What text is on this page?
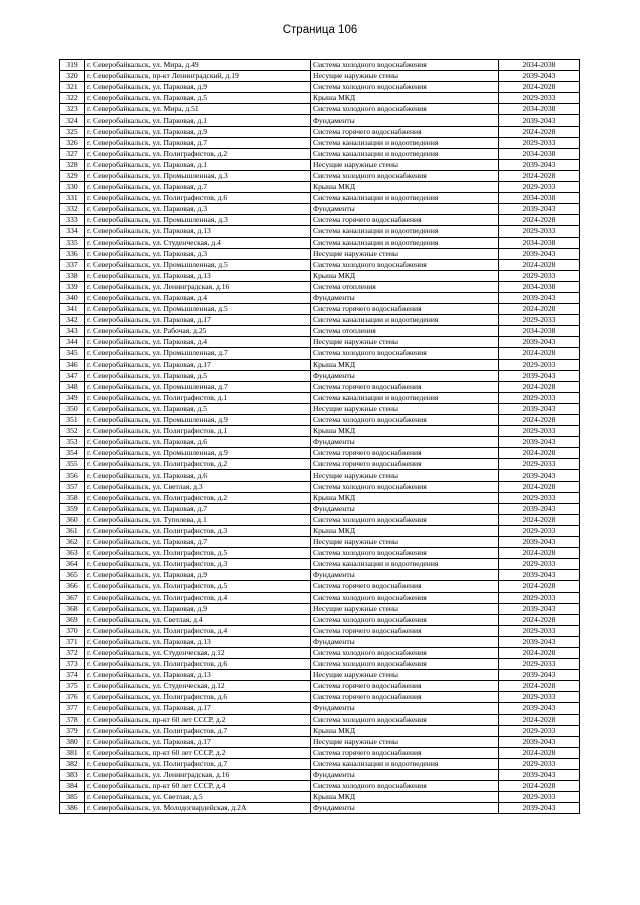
Страница 106
319	г. Северобайкальск, ул. Мира, д.49	Система холодного водоснабжения	2034-2038
320	г. Северобайкальск, пр-кт Ленинградский, д.19	Несущие наружные стены	2039-2043
321	г. Северобайкальск, ул. Парковая, д.9	Система холодного водоснабжения	2024-2028
322	г. Северобайкальск, ул. Парковая, д.5	Крыша МКД	2029-2033
323	г. Северобайкальск, ул. Мира, д.51	Система холодного водоснабжения	2034-2038
324	г. Северобайкальск, ул. Парковая, д.1	Фундаменты	2039-2043
325	г. Северобайкальск, ул. Парковая, д.9	Система горячего водоснабжения	2024-2028
326	г. Северобайкальск, ул. Парковая, д.7	Система канализации и водоотведения	2029-2033
327	г. Северобайкальск, ул. Полиграфистов, д.2	Система канализации и водоотведения	2034-2038
328	г. Северобайкальск, ул. Парковая, д.1	Несущие наружные стены	2039-2043
329	г. Северобайкальск, ул. Промышленная, д.3	Система холодного водоснабжения	2024-2028
330	г. Северобайкальск, ул. Парковая, д.7	Крыша МКД	2029-2033
331	г. Северобайкальск, ул. Полиграфистов, д.6	Система канализации и водоотведения	2034-2038
332	г. Северобайкальск, ул. Парковая, д.3	Фундаменты	2039-2043
333	г. Северобайкальск, ул. Промышленная, д.3	Система горячего водоснабжения	2024-2028
334	г. Северобайкальск, ул. Парковая, д.13	Система канализации и водоотведения	2029-2033
335	г. Северобайкальск, ул. Студенческая, д.4	Система канализации и водоотведения	2034-2038
336	г. Северобайкальск, ул. Парковая, д.3	Несущие наружные стены	2039-2043
337	г. Северобайкальск, ул. Промышленная, д.5	Система холодного водоснабжения	2024-2028
338	г. Северобайкальск, ул. Парковая, д.13	Крыша МКД	2029-2033
339	г. Северобайкальск, ул. Ленинградская, д.16	Система отопления	2034-2038
340	г. Северобайкальск, ул. Парковая, д.4	Фундаменты	2039-2043
341	г. Северобайкальск, ул. Промышленная, д.5	Система горячего водоснабжения	2024-2028
342	г. Северобайкальск, ул. Парковая, д.17	Система канализации и водоотведения	2029-2033
343	г. Северобайкальск, ул. Рабочая, д.25	Система отопления	2034-2038
344	г. Северобайкальск, ул. Парковая, д.4	Несущие наружные стены	2039-2043
345	г. Северобайкальск, ул. Промышленная, д.7	Система холодного водоснабжения	2024-2028
346	г. Северобайкальск, ул. Парковая, д.17	Крыша МКД	2029-2033
347	г. Северобайкальск, ул. Парковая, д.5	Фундаменты	2039-2043
348	г. Северобайкальск, ул. Промышленная, д.7	Система горячего водоснабжения	2024-2028
349	г. Северобайкальск, ул. Полиграфистов, д.1	Система канализации и водоотведения	2029-2033
350	г. Северобайкальск, ул. Парковая, д.5	Несущие наружные стены	2039-2043
351	г. Северобайкальск, ул. Промышленная, д.9	Система холодного водоснабжения	2024-2028
352	г. Северобайкальск, ул. Полиграфистов, д.1	Крыша МКД	2029-2033
353	г. Северобайкальск, ул. Парковая, д.6	Фундаменты	2039-2043
354	г. Северобайкальск, ул. Промышленная, д.9	Система горячего водоснабжения	2024-2028
355	г. Северобайкальск, ул. Полиграфистов, д.2	Система горячего водоснабжения	2029-2033
356	г. Северобайкальск, ул. Парковая, д.6	Несущие наружные стены	2039-2043
357	г. Северобайкальск, ул. Светлая, д.3	Система холодного водоснабжения	2024-2028
358	г. Северобайкальск, ул. Полиграфистов, д.2	Крыша МКД	2029-2033
359	г. Северобайкальск, ул. Парковая, д.7	Фундаменты	2039-2043
360	г. Северобайкальск, ул. Туполева, д.1	Система холодного водоснабжения	2024-2028
361	г. Северобайкальск, ул. Полиграфистов, д.3	Крыша МКД	2029-2033
362	г. Северобайкальск, ул. Парковая, д.7	Несущие наружные стены	2039-2043
363	г. Северобайкальск, ул. Полиграфистов, д.5	Система холодного водоснабжения	2024-2028
364	г. Северобайкальск, ул. Полиграфистов, д.3	Система канализации и водоотведения	2029-2033
365	г. Северобайкальск, ул. Парковая, д.9	Фундаменты	2039-2043
366	г. Северобайкальск, ул. Полиграфистов, д.5	Система горячего водоснабжения	2024-2028
367	г. Северобайкальск, ул. Полиграфистов, д.4	Система холодного водоснабжения	2029-2033
368	г. Северобайкальск, ул. Парковая, д.9	Несущие наружные стены	2039-2043
369	г. Северобайкальск, ул. Светлая, д.4	Система холодного водоснабжения	2024-2028
370	г. Северобайкальск, ул. Полиграфистов, д.4	Система горячего водоснабжения	2029-2033
371	г. Северобайкальск, ул. Парковая, д.13	Фундаменты	2039-2043
372	г. Северобайкальск, ул. Студенческая, д.12	Система холодного водоснабжения	2024-2028
373	г. Северобайкальск, ул. Полиграфистов, д.6	Система холодного водоснабжения	2029-2033
374	г. Северобайкальск, ул. Парковая, д.13	Несущие наружные стены	2039-2043
375	г. Северобайкальск, ул. Студенческая, д.12	Система горячего водоснабжения	2024-2028
376	г. Северобайкальск, ул. Полиграфистов, д.6	Система горячего водоснабжения	2029-2033
377	г. Северобайкальск, ул. Парковая, д.17	Фундаменты	2039-2043
378	г. Северобайкальск, пр-кт 60 лет СССР, д.2	Система холодного водоснабжения	2024-2028
379	г. Северобайкальск, ул. Полиграфистов, д.7	Крыша МКД	2029-2033
380	г. Северобайкальск, ул. Парковая, д.17	Несущие наружные стены	2039-2043
381	г. Северобайкальск, пр-кт 60 лет СССР, д.2	Система горячего водоснабжения	2024-2028
382	г. Северобайкальск, ул. Полиграфистов, д.7	Система канализации и водоотведения	2029-2033
383	г. Северобайкальск, ул. Ленинградская, д.16	Фундаменты	2039-2043
384	г. Северобайкальск, пр-кт 60 лет СССР, д.4	Система холодного водоснабжения	2024-2028
385	г. Северобайкальск, ул. Светлая, д.5	Крыша МКД	2029-2033
386	г. Северобайкальск, ул. Молодогвардейская, д.2А	Фундаменты	2039-2043
